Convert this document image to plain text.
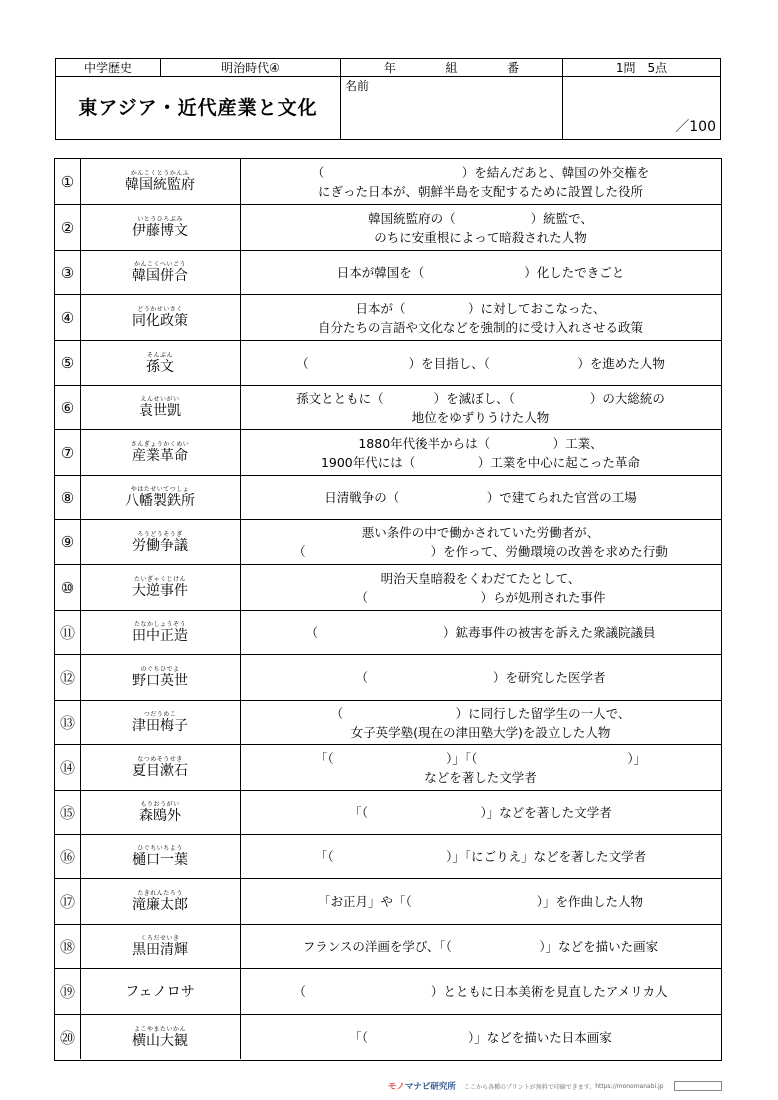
中学歴史	明治時代④	年	組	番	1問　5点
東アジア・近代産業と文化
名前
／100
①	かんこくとうかんふ
韓国統監府
（　　　　　　　　　　　）を結んだあと、韓国の外交権を
にぎった日本が、朝鮮半島を支配するために設置した役所
②	いとうひろぶみ
伊藤博文
韓国統監府の（　　　　　　）統監で、
のちに安重根によって暗殺された人物
③	かんこくへいごう
韓国併合	日本が韓国を（　　　　　　　　）化したできごと
④	どうかせいさく
同化政策
日本が（　　　　　）に対しておこなった、
自分たちの言語や文化などを強制的に受け入れさせる政策
⑤	そんぶん
孫文	（　　　　　　　　）を目指し、（　　　　　　　）を進めた人物
⑥	えんせいがい
袁世凱
孫文とともに（　　　　）を滅ぼし、（　　　　　　）の大総統の
地位をゆずりうけた人物
⑦	さんぎょうかくめい
産業革命
1880年代後半からは（　　　　　）工業、
1900年代には（　　　　　）工業を中心に起こった革命
⑧	やはたせいてつしょ
八幡製鉄所	日清戦争の（　　　　　　　）で建てられた官営の工場
⑨	ろうどうそうぎ
労働争議
悪い条件の中で働かされていた労働者が、
（　　　　　　　　　　）を作って、労働環境の改善を求めた行動
⑩	たいぎゃくじけん
大逆事件
明治天皇暗殺をくわだてたとして、
（　　　　　　　　　）らが処刑された事件
⑪	たなかしょうぞう
田中正造	（　　　　　　　　　　）鉱毒事件の被害を訴えた衆議院議員
⑫	のぐちひでよ
野口英世	（　　　　　　　　　　）を研究した医学者
⑬	つだうめこ
津田梅子
（　　　　　　　　　）に同行した留学生の一人で、
女子英学塾(現在の津田塾大学)を設立した人物
⑭	なつめそうせき
夏目漱石
「（　　　　　　　　　）」「（　　　　　　　　　　　　）」
などを著した文学者
⑮	もりおうがい
森鴎外	「（　　　　　　　　　）」などを著した文学者
⑯	ひぐちいちよう
樋口一葉	「（　　　　　　　　　）」「にごりえ」などを著した文学者
⑰	たきれんたろう
滝廉太郎	「お正月」や「（　　　　　　　　　　）」を作曲した人物
⑱	くろだせいき
黒田清輝	フランスの洋画を学び、「（　　　　　　　）」などを描いた画家
⑲	フェノロサ	（　　　　　　　　　　）とともに日本美術を見直したアメリカ人
⑳	よこやまたいかん
横山大観	「（　　　　　　　　）」などを描いた日本画家
モノマナビ研究所 ここから各種のプリントが無料で印刷できます。 https://monomanabi.jp
